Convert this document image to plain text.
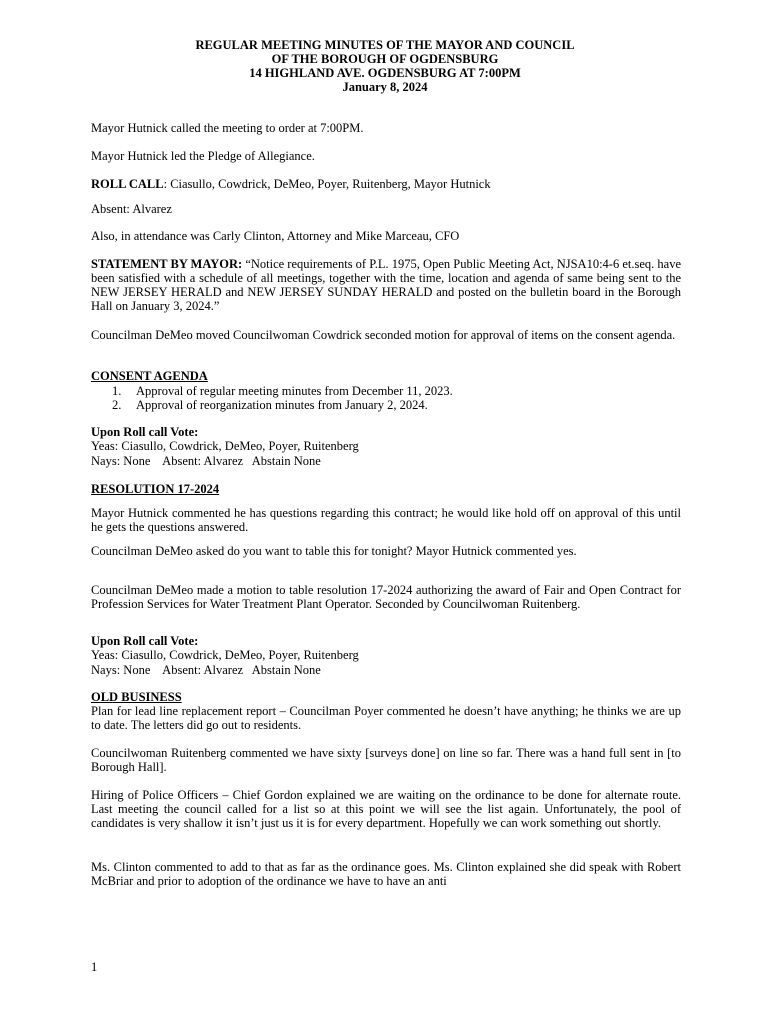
REGULAR MEETING MINUTES OF THE MAYOR AND COUNCIL
OF THE BOROUGH OF OGDENSBURG
14 HIGHLAND AVE. OGDENSBURG AT 7:00PM
January 8, 2024
Mayor Hutnick called the meeting to order at 7:00PM.
Mayor Hutnick led the Pledge of Allegiance.
ROLL CALL: Ciasullo, Cowdrick, DeMeo, Poyer, Ruitenberg, Mayor Hutnick
Absent: Alvarez
Also, in attendance was Carly Clinton, Attorney and Mike Marceau, CFO
STATEMENT BY MAYOR: “Notice requirements of P.L. 1975, Open Public Meeting Act, NJSA10:4-6 et.seq. have been satisfied with a schedule of all meetings, together with the time, location and agenda of same being sent to the NEW JERSEY HERALD and NEW JERSEY SUNDAY HERALD and posted on the bulletin board in the Borough Hall on January 3, 2024.”
Councilman DeMeo moved Councilwoman Cowdrick seconded motion for approval of items on the consent agenda.
CONSENT AGENDA
1. Approval of regular meeting minutes from December 11, 2023.
2. Approval of reorganization minutes from January 2, 2024.
Upon Roll call Vote:
Yeas: Ciasullo, Cowdrick, DeMeo, Poyer, Ruitenberg
Nays: None    Absent: Alvarez   Abstain None
RESOLUTION 17-2024
Mayor Hutnick commented he has questions regarding this contract; he would like hold off on approval of this until he gets the questions answered.
Councilman DeMeo asked do you want to table this for tonight? Mayor Hutnick commented yes.
Councilman DeMeo made a motion to table resolution 17-2024 authorizing the award of Fair and Open Contract for Profession Services for Water Treatment Plant Operator. Seconded by Councilwoman Ruitenberg.
Upon Roll call Vote:
Yeas: Ciasullo, Cowdrick, DeMeo, Poyer, Ruitenberg
Nays: None    Absent: Alvarez   Abstain None
OLD BUSINESS
Plan for lead line replacement report – Councilman Poyer commented he doesn’t have anything; he thinks we are up to date. The letters did go out to residents.
Councilwoman Ruitenberg commented we have sixty [surveys done] on line so far. There was a hand full sent in [to Borough Hall].
Hiring of Police Officers – Chief Gordon explained we are waiting on the ordinance to be done for alternate route. Last meeting the council called for a list so at this point we will see the list again. Unfortunately, the pool of candidates is very shallow it isn’t just us it is for every department. Hopefully we can work something out shortly.
Ms. Clinton commented to add to that as far as the ordinance goes. Ms. Clinton explained she did speak with Robert McBriar and prior to adoption of the ordinance we have to have an anti
1
